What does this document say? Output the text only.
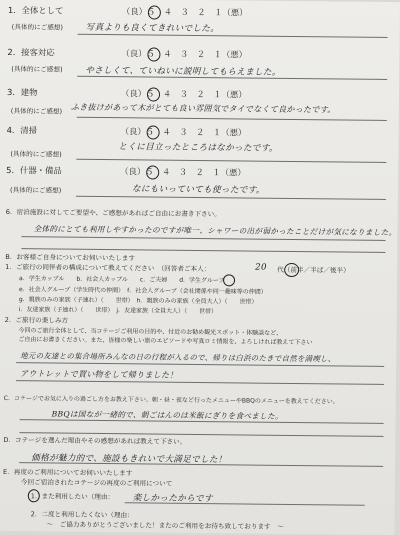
1．全体として	（良）５　４　３　２　１（悪）
(具体的にご感想)	写真よりも良くてきれいでした。
2．接客対応	（良）５　４　３　２　１（悪）
(具体的にご感想)	やさしくて、ていねいに説明してもらえました。
3．建物	（良）５　４　３　２　１（悪）
(具体的にご感想) ふき抜けがあって木がとても良い雰囲気でタイでなくて良かったです。
4．清掃	（良）５　４　３　２　１（悪）
(具体的にご感想)
とくに目立ったところはなかったです。
5．什器・備品	（良）５　４　３　２　１（悪）
(具体的にご感想)	なにもいっていても使ったです。
6．宿泊施設に対してご要望や、ご感想があればご自由にお書き下さい。
全体的にとても利用しやすかったのですが唯一、シャワーの出が弱かったことだけが気になりました。
B．お客様ご自身についてお伺いいたします
1．ご旅行の同伴者の構成について教えてください　（回答者ご本人：	20 代（前半／半ば／後半）
a．学生カップル　　b．社会人カップル　　c．ご夫婦　　d．学生グループ
e．社会人グループ（学生時代の仲間）　f．社会人グループ（会社関係や同一趣味等の仲間）
g．親族のみの家族（子連れ）（　　世帯）　h．親族のみの家族（全員大人）（　　世帯）
i．友達家族（子連れ）（　　世帯）　j．友達家族（全員大人）（　　世帯）
2．ご旅行の楽しみ方
今回のご旅行全体として、当コテージご利用の目的や、付近のお勧め観光スポット・体験談など、
ご自由にお書きください。また、皆様の楽しい旅のエピソードや写真ロミ情報を、よろしければ教えて下さい
地元の友達との集合場所みんなの日の行程が入るので、帰りは白浜のたきで自然を満喫し、
アウトレットで買い物をして帰りました！
C．コテージでお気に入りの過ごし方をお教え下さい。朝・昼・夜など行ったメニューやBBQのメニューを教えてください。
BBQは国なが一緒的で、朝ごはんのは米飯にぎりを食べました。
D．コテージを選んだ理由やその感想があれば教えて下さい。
価格が魅力的で、施設もきれいで大満足でした！
E．再度のご利用についてお伺いいたします
今回ご宿泊されたコテージの再度のご利用について
1．また利用したい（理由： 楽しかったからです
2．二度と利用したくない（理由：
〜　ご協力ありがとうございました！またのご利用をお待ち致しております　〜
